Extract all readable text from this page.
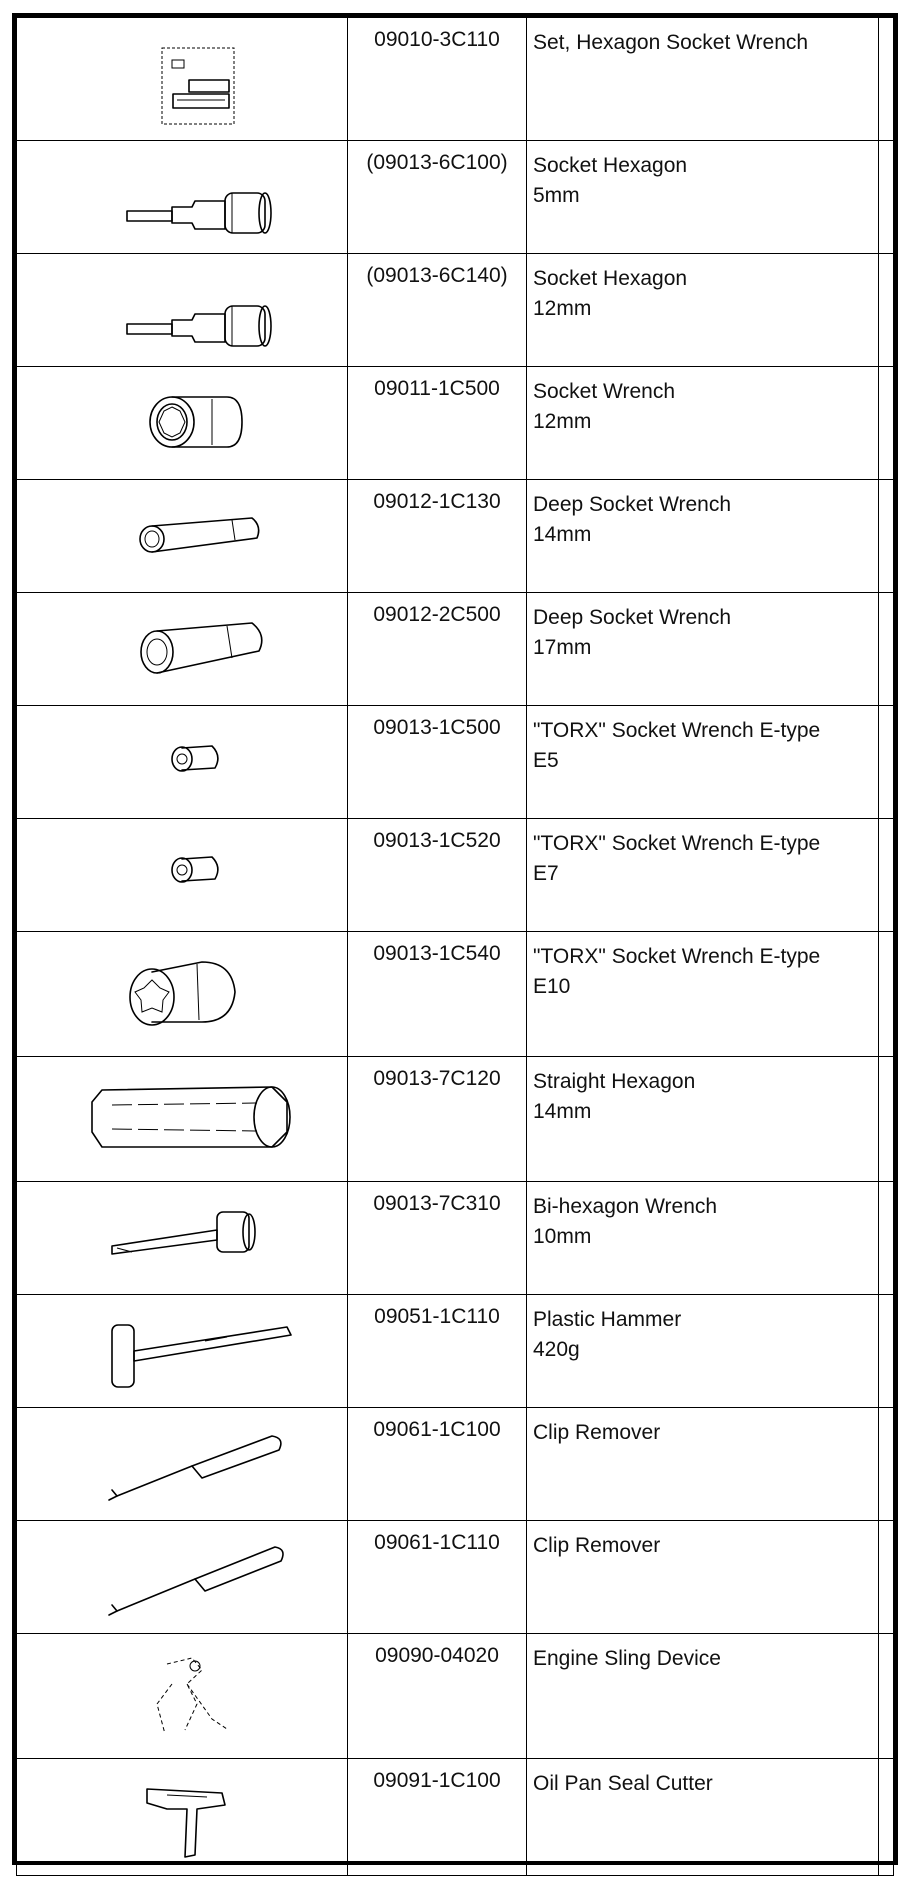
	09010-3C110	Set, Hexagon Socket Wrench	

	(09013-6C100)	Socket Hexagon
5mm	

	(09013-6C140)	Socket Hexagon
12mm	

	09011-1C500	Socket Wrench
12mm	

	09012-1C130	Deep Socket Wrench
14mm	

	09012-2C500	Deep Socket Wrench
17mm	

	09013-1C500	"TORX" Socket Wrench E-type
E5	

	09013-1C520	"TORX" Socket Wrench E-type
E7	

	09013-1C540	"TORX" Socket Wrench E-type
E10	

	09013-7C120	Straight Hexagon
14mm	

	09013-7C310	Bi-hexagon Wrench
10mm	

	09051-1C110	Plastic Hammer
420g	

	09061-1C100	Clip Remover	

	09061-1C110	Clip Remover	

	09090-04020	Engine Sling Device	

	09091-1C100	Oil Pan Seal Cutter	
